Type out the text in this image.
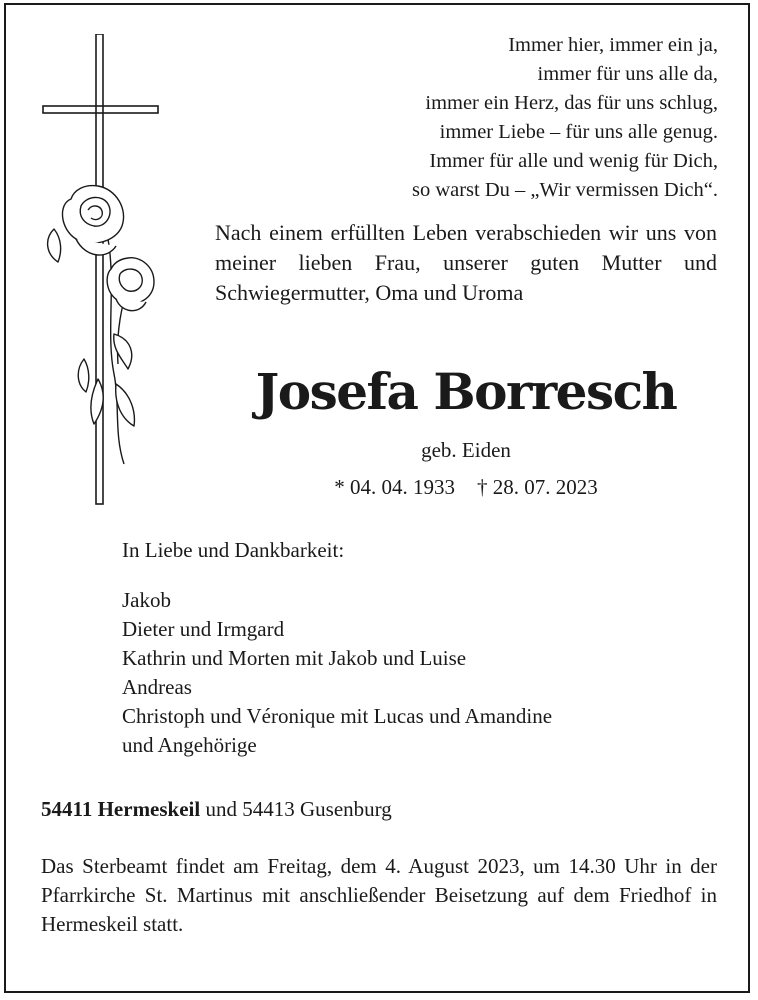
Immer hier, immer ein ja,
immer für uns alle da,
immer ein Herz, das für uns schlug,
immer Liebe – für uns alle genug.
Immer für alle und wenig für Dich,
so warst Du – „Wir vermissen Dich“.
Nach einem erfüllten Leben verabschieden wir uns von meiner lieben Frau, unserer guten Mutter und Schwiegermutter, Oma und Uroma
Josefa Borresch
geb. Eiden
* 04. 04. 1933 † 28. 07. 2023
In Liebe und Dankbarkeit:
Jakob
Dieter und Irmgard
Kathrin und Morten mit Jakob und Luise
Andreas
Christoph und Véronique mit Lucas und Amandine
und Angehörige
54411 Hermeskeil und 54413 Gusenburg
Das Sterbeamt findet am Freitag, dem 4. August 2023, um 14.30 Uhr in der Pfarrkirche St. Martinus mit anschließender Beisetzung auf dem Friedhof in Hermeskeil statt.
